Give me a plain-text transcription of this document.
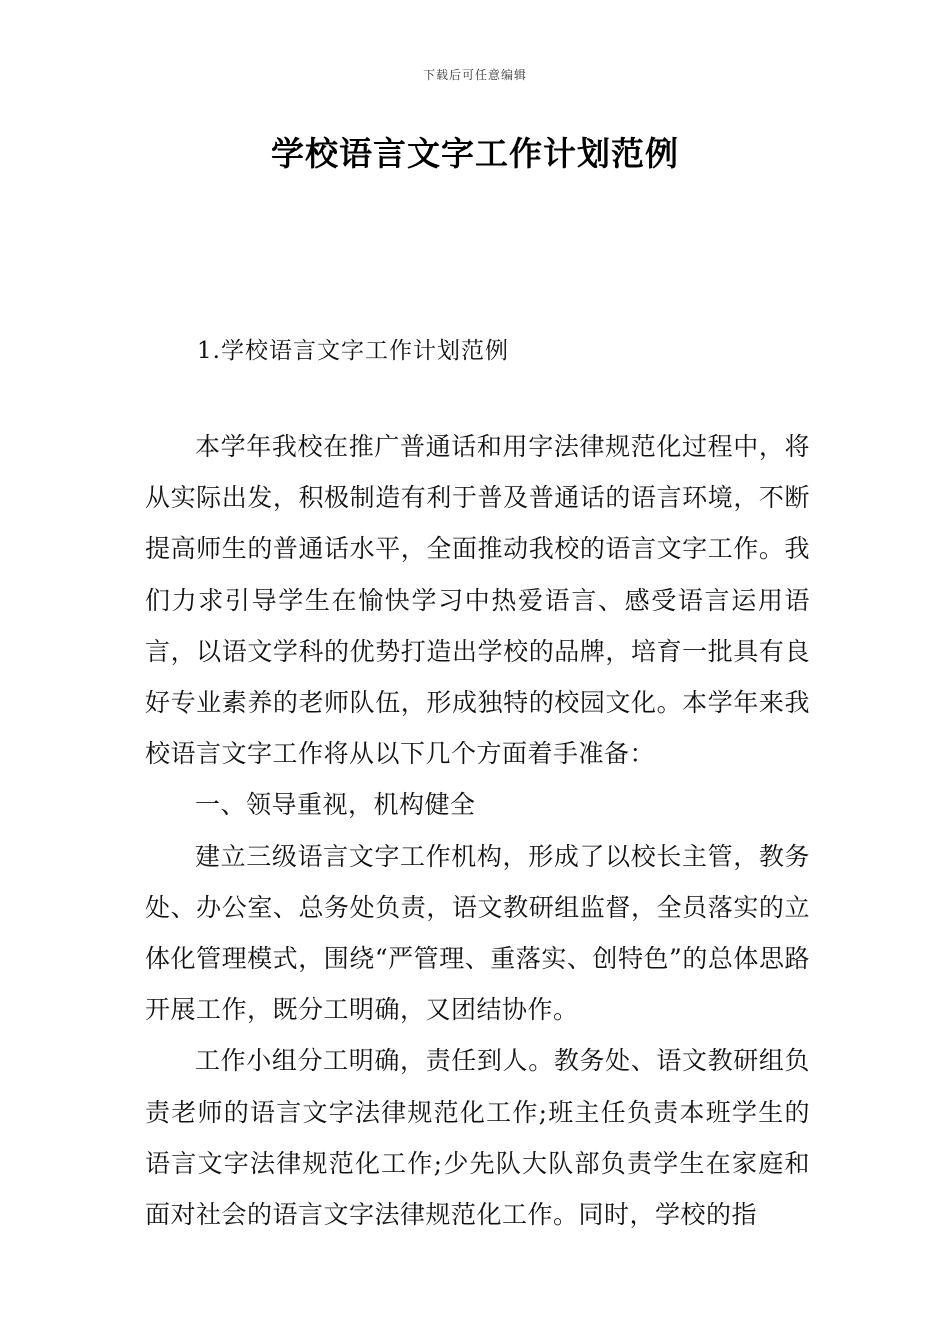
下载后可任意编辑
学校语言文字工作计划范例
1.学校语言文字工作计划范例

本学年我校在推广普通话和用字法律规范化过程中，将从实际出发，积极制造有利于普及普通话的语言环境，不断提高师生的普通话水平，全面推动我校的语言文字工作。我们力求引导学生在愉快学习中热爱语言、感受语言运用语言，以语文学科的优势打造出学校的品牌，培育一批具有良好专业素养的老师队伍，形成独特的校园文化。本学年来我校语言文字工作将从以下几个方面着手准备：

一、领导重视，机构健全

建立三级语言文字工作机构，形成了以校长主管，教务处、办公室、总务处负责，语文教研组监督，全员落实的立体化管理模式，围绕“严管理、重落实、创特色”的总体思路开展工作，既分工明确，又团结协作。

工作小组分工明确，责任到人。教务处、语文教研组负责老师的语言文字法律规范化工作;班主任负责本班学生的语言文字法律规范化工作;少先队大队部负责学生在家庭和面对社会的语言文字法律规范化工作。同时，学校的指
